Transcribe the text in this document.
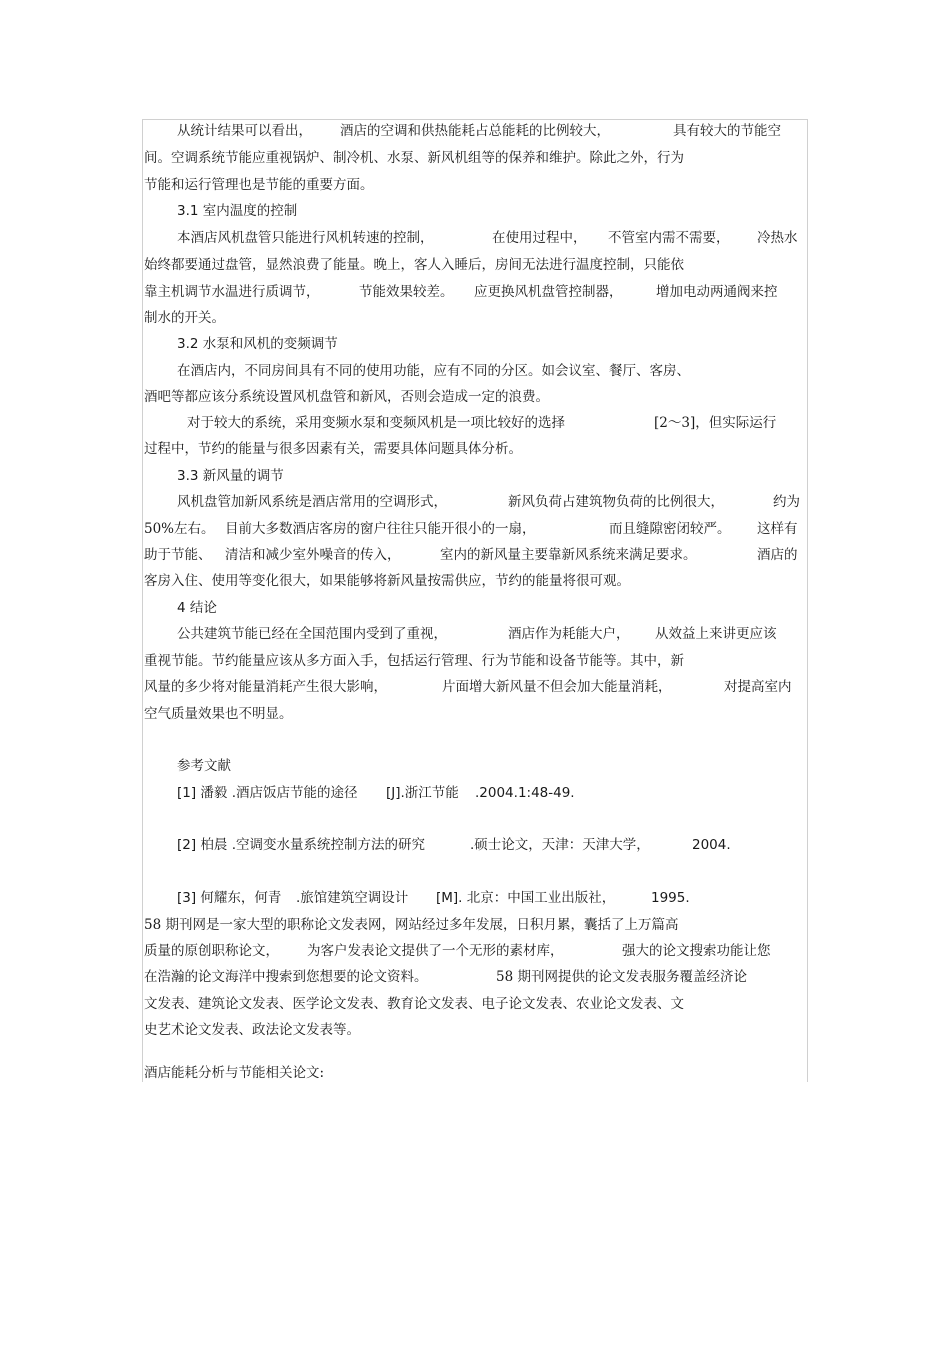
从统计结果可以看出， 酒店的空调和供热能耗占总能耗的比例较大，	具有较大的节能空
间。空调系统节能应重视锅炉、制冷机、水泵、新风机组等的保养和维护。除此之外，行为
节能和运行管理也是节能的重要方面。
3.1 室内温度的控制
本酒店风机盘管只能进行风机转速的控制，	在使用过程中， 不管室内需不需要， 冷热水
始终都要通过盘管，显然浪费了能量。晚上，客人入睡后，房间无法进行温度控制，只能依
靠主机调节水温进行质调节，	节能效果较差。 应更换风机盘管控制器， 增加电动两通阀来控
制水的开关。
3.2 水泵和风机的变频调节
在酒店内，不同房间具有不同的使用功能，应有不同的分区。如会议室、餐厅、客房、
酒吧等都应该分系统设置风机盘管和新风，否则会造成一定的浪费。
对于较大的系统，采用变频水泵和变频风机是一项比较好的选择	[2～3]，但实际运行
过程中，节约的能量与很多因素有关，需要具体问题具体分析。
3.3 新风量的调节
风机盘管加新风系统是酒店常用的空调形式，	新风负荷占建筑物负荷的比例很大，	约为
50%左右。 目前大多数酒店客房的窗户往往只能开很小的一扇，	而且缝隙密闭较严。 这样有
助于节能、 清洁和减少室外噪音的传入，	室内的新风量主要靠新风系统来满足要求。	酒店的
客房入住、使用等变化很大，如果能够将新风量按需供应，节约的能量将很可观。
4 结论
公共建筑节能已经在全国范围内受到了重视，	酒店作为耗能大户， 从效益上来讲更应该
重视节能。节约能量应该从多方面入手，包括运行管理、行为节能和设备节能等。其中，新
风量的多少将对能量消耗产生很大影响，	片面增大新风量不但会加大能量消耗，	对提高室内
空气质量效果也不明显。
参考文献
[1] 潘毅 .酒店饭店节能的途径 [J].浙江节能 .2004.1:48-49.
[2] 柏晨 .空调变水量系统控制方法的研究	.硕士论文，天津：天津大学，	2004.
[3] 何耀东，何青 .旅馆建筑空调设计 [M]. 北京：中国工业出版社，	1995.
58 期刊网是一家大型的职称论文发表网，网站经过多年发展，日积月累，囊括了上万篇高
质量的原创职称论文， 为客户发表论文提供了一个无形的素材库，	强大的论文搜索功能让您
在浩瀚的论文海洋中搜索到您想要的论文资料。	58 期刊网提供的论文发表服务覆盖经济论
文发表、建筑论文发表、医学论文发表、教育论文发表、电子论文发表、农业论文发表、文
史艺术论文发表、政法论文发表等。
酒店能耗分析与节能相关论文:
